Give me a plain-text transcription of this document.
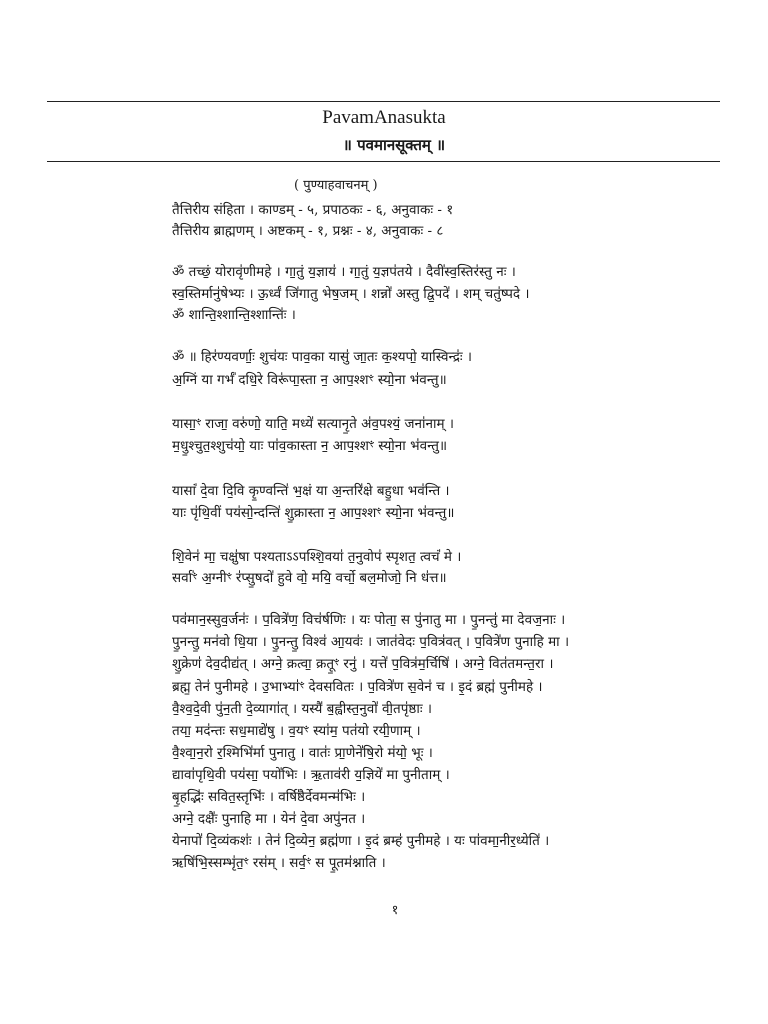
PavamAnasukta
॥ पवमानसूक्तम् ॥
( पुण्याहवाचनम् )
तैत्तिरीय संहिता । काण्डम् - ५, प्रपाठकः - ६, अनुवाकः - १
तैत्तिरीय ब्राह्मणम् । अष्टकम् - १, प्रश्नः - ४, अनुवाकः - ८
ॐ तच्छं॒ योरावृ॑णीमहे । गा॒तुं य॒ज्ञाय॑ । गा॒तुं य॒ज्ञप॑तये । दैवी॑स्व॒स्तिर॑स्तु नः ।
स्व॒स्तिर्मानु॑षेभ्यः । ऊ॒र्ध्वं जि॑गातु भेष॒जम् । शन्नो॑ अस्तु द्वि॒पदे॑ । शम् चतु॑ष्पदे ।
ॐ शान्ति॒श्शान्ति॒श्शान्तिः॑ ।
ॐ ॥ हिर॑ण्यवर्णाः॒ शुच॑यः पाव॒का यासु॑ जा॒तः क॒श्यपो॒ यास्विन्द्रः॑ ।
अ॒ग्निं या गर्भं॑ दधि॒रे विरू॑पा॒स्ता न॒ आप॒श्शꣳ स्यो॒ना भ॑वन्तु॥
यासा॒ꣳ राजा॒ वरु॑णो॒ याति॒ मध्ये॑ सत्यानृ॒ते अ॑व॒पश्यं॒ जना॑नाम् ।
म॒धु॒श्चुत॒श्शुच॑यो॒ याः पा॑व॒कास्ता न॒ आप॒श्शꣳ स्यो॒ना भ॑वन्तु॥
यासां॑ दे॒वा दि॒वि कृ॒ण्वन्ति॑ भ॒क्षं या अ॒न्तरि॑क्षे बहु॒धा भव॑न्ति ।
याः पृ॑थि॒वीं पय॑सो॒न्दन्ति॑ शु॒क्रास्ता न॒ आप॒श्शꣳ स्यो॒ना भ॑वन्तु॥
शि॒वेन॑ मा॒ चक्षु॑षा पश्यताऽऽपश्शि॒वया॑ त॒नुवोप॑ स्पृशत॒ त्वचं॑ मे ।
सर्वा॑ꣳ अ॒ग्नीꣳ र॑प्सु॒षदो॑ हुवे वो॒ मयि॒ वर्चो॒ बल॒मोजो॒ नि ध॑त्त॥
पव॑मान॒स्सुव॒र्जनः॑ । प॒वित्रे॑ण॒ विच॑र्षणिः । यः पोता॒ स पु॑नातु मा । पु॒नन्तु॑ मा देवज॒नाः ।
पु॒नन्तु॒ मन॑वो धि॒या । पु॒नन्तु॒ विश्व॑ आ॒यवः॑ । जात॑वेदः प॒वित्र॑वत् । प॒वित्रे॑ण पुनाहि मा ।
शु॒क्रेण॑ देव॒दीद्य॑त् । अग्ने॒ क्रत्वा॒ क्रतू॒ꣳ रनु॑ । यत्ते॑ प॒वित्र॑म॒र्चिषि॑ । अग्ने॒ वित॑तमन्त॒रा ।
ब्रह्म॒ तेन॑ पुनीमहे । उ॒भाभ्या॑ꣳ देवसवितः । प॒वित्रे॑ण स॒वेन॑ च । इ॒दं ब्रह्म॑ पुनीमहे ।
वै॒श्व॒दे॒वी पु॑न॒ती दे॒व्यागा॑त् । यस्यै॑ ब॒ह्वीस्त॒नुवो॑ वी॒तपृ॑ष्ठाः ।
तया॒ मद॑न्तः सध॒माद्ये॑षु । व॒यꣳ स्या॑म॒ पत॑यो रयी॒णाम् ।
वै॒श्वा॒न॒रो र॒श्मिभि॑र्मा पुनातु । वातः॑ प्रा॒णेने॑षि॒रो म॑यो॒ भूः ।
द्यावा॑पृथि॒वी पय॑सा॒ पयो॑भिः । ऋ॒ताव॑री य॒ज्ञिये॑ मा पुनीताम् ।
बृ॒हद्भिः॑ सवित॒स्तृभिः॑ । वर्षि॑ष्ठैर्देवमन्म॑भिः ।
अग्ने॒ दक्षैः॑ पुनाहि मा । येन॑ दे॒वा अपु॑नत ।
येनापो॑ दि॒व्यंकशः॑ । तेन॑ दि॒व्येन॒ ब्रह्म॑णा । इ॒दं ब्रम्ह॑ पुनीमहे । यः पा॑वमा॒नीर॒ध्येति॑ ।
ऋषि॑भि॒स्सम्भृ॑त॒ꣳ रस॑म् । सर्व॒ꣳ स पू॒तम॑श्नाति ।
१
